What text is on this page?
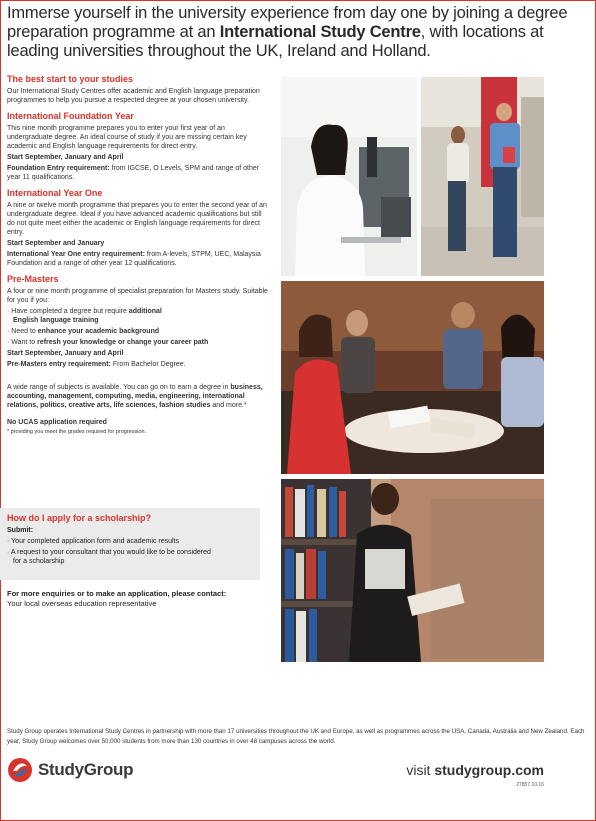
Immerse yourself in the university experience from day one by joining a degree preparation programme at an International Study Centre, with locations at leading universities throughout the UK, Ireland and Holland.
The best start to your studies
Our International Study Centres offer academic and English language preparation programmes to help you pursue a respected degree at your chosen university.
International Foundation Year
This nine month programme prepares you to enter your first year of an undergraduate degree. An ideal course of study if you are missing certain key academic and English language requirements for direct entry.
Start September, January and April
Foundation Entry requirement: from IGCSE, O Levels, SPM and range of other year 11 qualifications.
International Year One
A nine or twelve month programme that prepares you to enter the second year of an undergraduate degree. Ideal if you have advanced academic qualifications but still do not quite meet either the academic or English language requirements for direct entry.
Start September and January
International Year One entry requirement: from A-levels, STPM, UEC, Malaysia Foundation and a range of other year 12 qualifications.
Pre-Masters
A four or nine month programme of specialist preparation for Masters study. Suitable for you if you:
· Have completed a degree but require additional
English language training
· Need to enhance your academic background
· Want to refresh your knowledge or change your career path
Start September, January and April
Pre-Masters entry requirement: From Bachelor Degree.
A wide range of subjects is available. You can go on to earn a degree in business, accounting, management, computing, media, engineering, international relations, politics, creative arts, life sciences, fashion studies and more.*
No UCAS application required
* providing you meet the grades required for progression.
How do I apply for a scholarship?
Submit:
· Your completed application form and academic results
· A request to your consultant that you would like to be considered
for a scholarship
For more enquiries or to make an application, please contact:
Your local overseas education representative
Study Group operates International Study Centres in partnership with more than 17 universities throughout the UK and Europe, as well as programmes across the USA, Canada, Australia and New Zealand. Each year, Study Group welcomes over 50,000 students from more than 130 countries in over 48 campuses across the world.
StudyGroup	visit studygroup.com
27857.10.16
